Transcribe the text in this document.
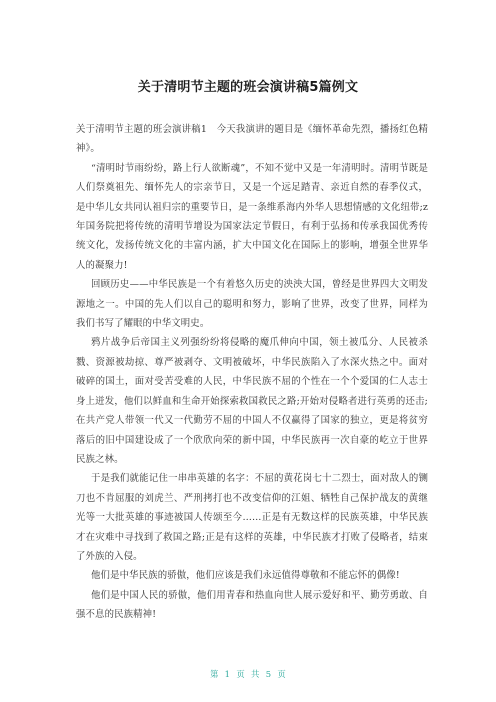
关于清明节主题的班会演讲稿5篇例文

关于清明节主题的班会演讲稿1　今天我演讲的题目是《缅怀革命先烈，播扬红色精神》。

“清明时节雨纷纷，路上行人欲断魂”，不知不觉中又是一年清明时。清明节既是人们祭奠祖先、缅怀先人的宗亲节日，又是一个远足踏青、亲近自然的春季仪式，是中华儿女共同认祖归宗的重要节日，是一条维系海内外华人思想情感的文化纽带;z年国务院把将传统的清明节增设为国家法定节假日，有利于弘扬和传承我国优秀传统文化，发扬传统文化的丰富内涵，扩大中国文化在国际上的影响，增强全世界华人的凝聚力!

回顾历史——中华民族是一个有着悠久历史的泱泱大国，曾经是世界四大文明发源地之一。中国的先人们以自己的聪明和努力，影响了世界，改变了世界，同样为我们书写了耀眼的中华文明史。

鸦片战争后帝国主义列强纷纷将侵略的魔爪伸向中国，领土被瓜分、人民被杀戮、资源被劫掠、尊严被剥夺、文明被破坏，中华民族陷入了水深火热之中。面对破碎的国土，面对受苦受难的人民，中华民族不屈的个性在一个个爱国的仁人志士身上迸发，他们以鲜血和生命开始探索救国救民之路;开始对侵略者进行英勇的还击;在共产党人带领一代又一代勤劳不屈的中国人不仅赢得了国家的独立，更是将贫穷落后的旧中国建设成了一个欣欣向荣的新中国，中华民族再一次自豪的屹立于世界民族之林。

于是我们就能记住一串串英雄的名字：不屈的黄花岗七十二烈士，面对敌人的铡刀也不肯屈服的刘虎兰、严刑拷打也不改变信仰的江姐、牺牲自己保护战友的黄继光等一大批英雄的事迹被国人传颂至今……正是有无数这样的民族英雄，中华民族才在灾难中寻找到了救国之路;正是有这样的英雄，中华民族才打败了侵略者，结束了外族的入侵。

他们是中华民族的骄傲，他们应该是我们永远值得尊敬和不能忘怀的偶像!

他们是中国人民的骄傲，他们用青春和热血向世人展示爱好和平、勤劳勇敢、自强不息的民族精神!

第 1 页 共 5 页
